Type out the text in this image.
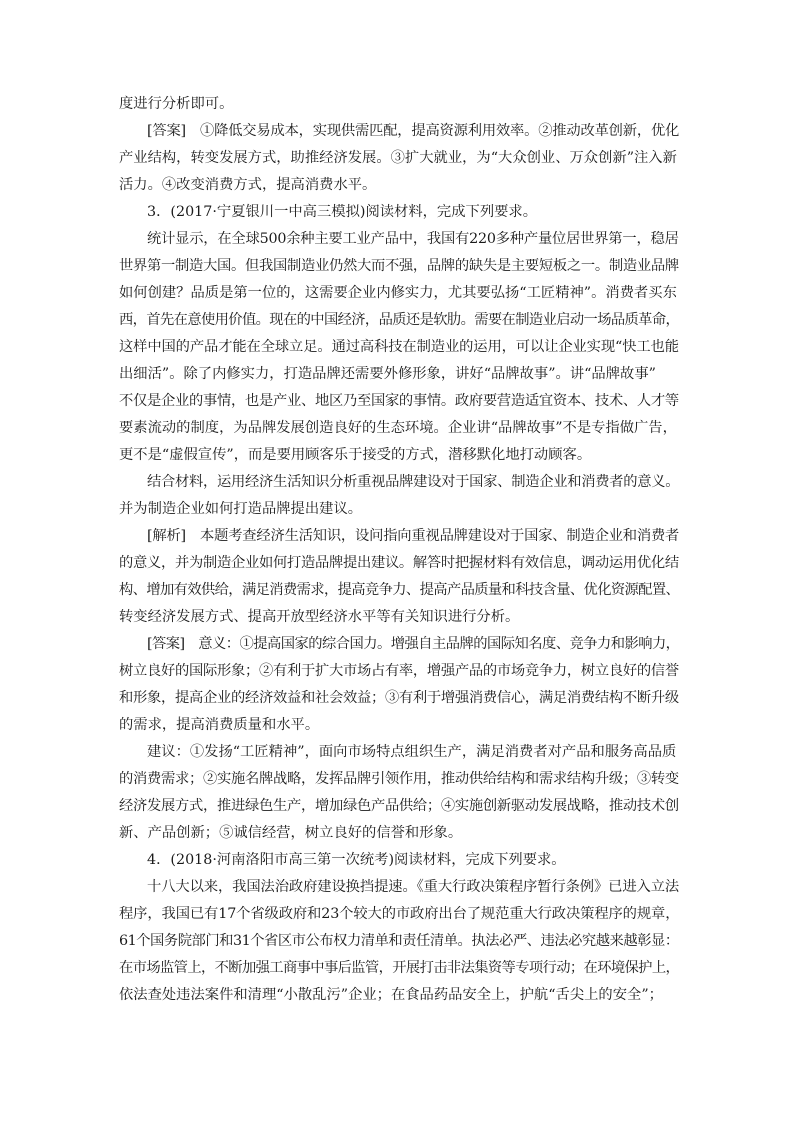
度进行分析即可。
[答案]　①降低交易成本，实现供需匹配，提高资源利用效率。②推动改革创新，优化
产业结构，转变发展方式，助推经济发展。③扩大就业，为“大众创业、万众创新”注入新
活力。④改变消费方式，提高消费水平。
3．(2017·宁夏银川一中高三模拟)阅读材料，完成下列要求。
统计显示，在全球500余种主要工业产品中，我国有220多种产量位居世界第一，稳居
世界第一制造大国。但我国制造业仍然大而不强，品牌的缺失是主要短板之一。制造业品牌
如何创建？品质是第一位的，这需要企业内修实力，尤其要弘扬“工匠精神”。消费者买东
西，首先在意使用价值。现在的中国经济，品质还是软肋。需要在制造业启动一场品质革命，
这样中国的产品才能在全球立足。通过高科技在制造业的运用，可以让企业实现“快工也能
出细活”。除了内修实力，打造品牌还需要外修形象，讲好“品牌故事”。讲“品牌故事”
不仅是企业的事情，也是产业、地区乃至国家的事情。政府要营造适宜资本、技术、人才等
要素流动的制度，为品牌发展创造良好的生态环境。企业讲“品牌故事”不是专指做广告，
更不是“虚假宣传”，而是要用顾客乐于接受的方式，潜移默化地打动顾客。
结合材料，运用经济生活知识分析重视品牌建设对于国家、制造企业和消费者的意义。
并为制造企业如何打造品牌提出建议。
[解析]　本题考查经济生活知识，设问指向重视品牌建设对于国家、制造企业和消费者
的意义，并为制造企业如何打造品牌提出建议。解答时把握材料有效信息，调动运用优化结
构、增加有效供给，满足消费需求，提高竞争力、提高产品质量和科技含量、优化资源配置、
转变经济发展方式、提高开放型经济水平等有关知识进行分析。
[答案]　意义：①提高国家的综合国力。增强自主品牌的国际知名度、竞争力和影响力，
树立良好的国际形象；②有利于扩大市场占有率，增强产品的市场竞争力，树立良好的信誉
和形象，提高企业的经济效益和社会效益；③有利于增强消费信心，满足消费结构不断升级
的需求，提高消费质量和水平。
建议：①发扬“工匠精神”，面向市场特点组织生产，满足消费者对产品和服务高品质
的消费需求；②实施名牌战略，发挥品牌引领作用，推动供给结构和需求结构升级；③转变
经济发展方式，推进绿色生产，增加绿色产品供给；④实施创新驱动发展战略，推动技术创
新、产品创新；⑤诚信经营，树立良好的信誉和形象。
4．(2018·河南洛阳市高三第一次统考)阅读材料，完成下列要求。
十八大以来，我国法治政府建设换挡提速。《重大行政决策程序暂行条例》已进入立法
程序，我国已有17个省级政府和23个较大的市政府出台了规范重大行政决策程序的规章，
61个国务院部门和31个省区市公布权力清单和责任清单。执法必严、违法必究越来越彰显：
在市场监管上，不断加强工商事中事后监管，开展打击非法集资等专项行动；在环境保护上，
依法查处违法案件和清理“小散乱污”企业；在食品药品安全上，护航“舌尖上的安全”；
